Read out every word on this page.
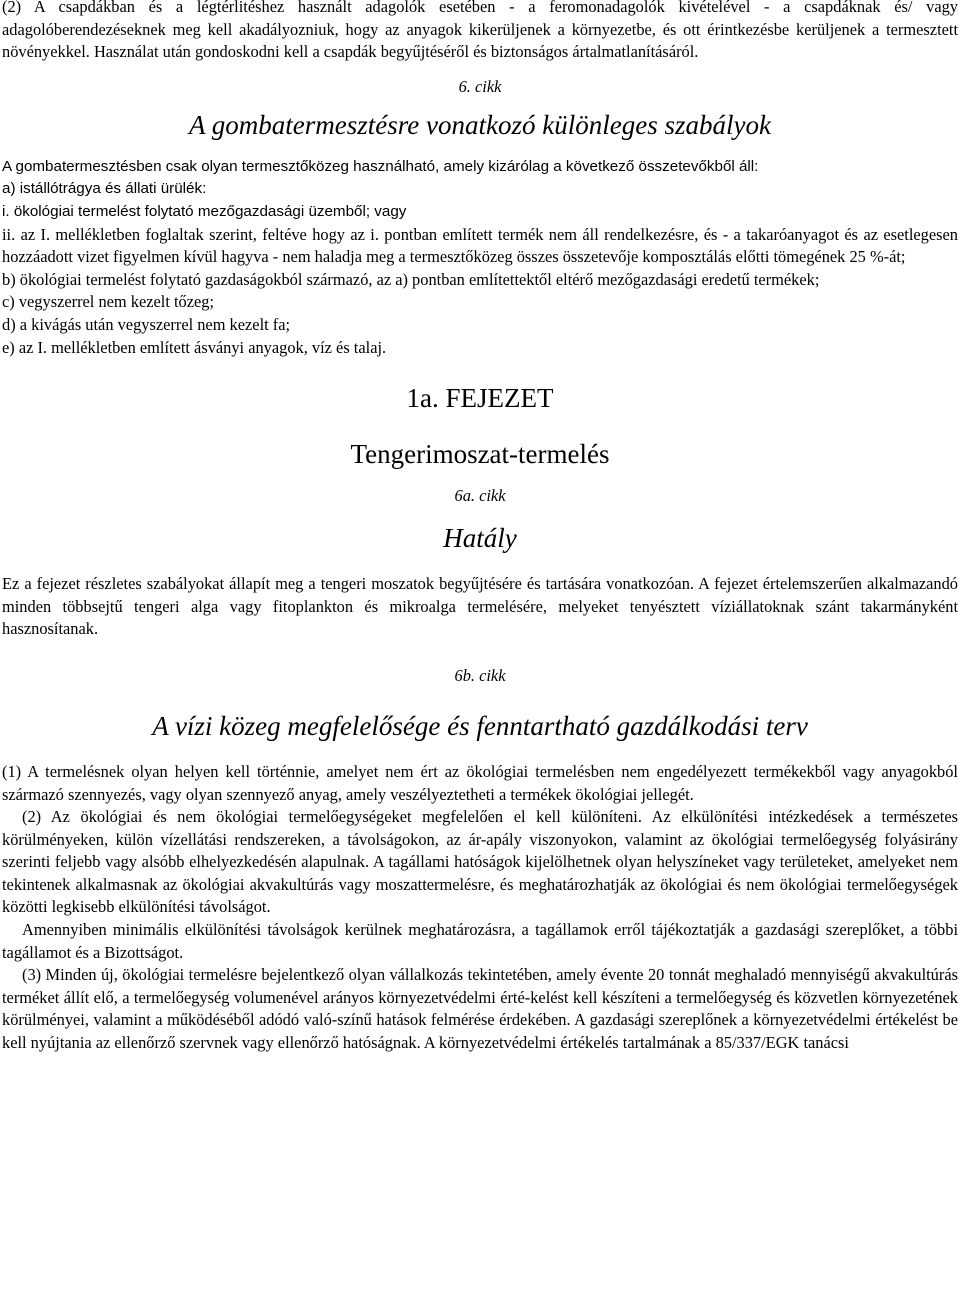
(2) A csapdákban és a légtérlitéshez használt adagolók esetében - a feromonadagolók kivételével - a csapdáknak és/ vagy adagolóberendezéseknek meg kell akadályozniuk, hogy az anyagok kikerüljenek a környezetbe, és ott érintkezésbe kerüljenek a termesztett növényekkel. Használat után gondoskodni kell a csapdák begyűjtéséről és biztonságos ártalmatlanításáról.

6. cikk

A gombatermesztésre vonatkozó különleges szabályok

A gombatermesztésben csak olyan termesztőközeg használható, amely kizárólag a következő összetevőkből áll:

a) istállótrágya és állati ürülék:

i. ökológiai termelést folytató mezőgazdasági üzemből; vagy

ii. az I. mellékletben foglaltak szerint, feltéve hogy az i. pontban említett termék nem áll rendelkezésre, és - a takaróanyagot és az esetlegesen hozzáadott vizet figyelmen kívül hagyva - nem haladja meg a termesztőközeg összes összetevője komposztálás előtti tömegének 25 %-át;

b) ökológiai termelést folytató gazdaságokból származó, az a) pontban említettektől eltérő mezőgazdasági eredetű termékek;

c) vegyszerrel nem kezelt tőzeg;

d) a kivágás után vegyszerrel nem kezelt fa;

e) az I. mellékletben említett ásványi anyagok, víz és talaj.

1a. FEJEZET

Tengerimoszat-termelés

6a. cikk

Hatály

Ez a fejezet részletes szabályokat állapít meg a tengeri moszatok begyűjtésére és tartására vonatkozóan. A fejezet értelemszerűen alkalmazandó minden többsejtű tengeri alga vagy fitoplankton és mikroalga termelésére, melyeket tenyésztett víziállatoknak szánt takarmányként hasznosítanak.

6b. cikk

A vízi közeg megfelelősége és fenntartható gazdálkodási terv

(1) A termelésnek olyan helyen kell történnie, amelyet nem ért az ökológiai termelésben nem engedélyezett termékekből vagy anyagokból származó szennyezés, vagy olyan szennyező anyag, amely veszélyeztetheti a termékek ökológiai jellegét.

(2) Az ökológiai és nem ökológiai termelőegységeket megfelelően el kell különíteni. Az elkülönítési intézkedések a természetes körülményeken, külön vízellátási rendszereken, a távolságokon, az ár-apály viszonyokon, valamint az ökológiai termelőegység folyásirány szerinti feljebb vagy alsóbb elhelyezkedésén alapulnak. A tagállami hatóságok kijelölhetnek olyan helyszíneket vagy területeket, amelyeket nem tekintenek alkalmasnak az ökológiai akvakultúrás vagy moszattermelésre, és meghatározhatják az ökológiai és nem ökológiai termelőegységek közötti legkisebb elkülönítési távolságot.

Amennyiben minimális elkülönítési távolságok kerülnek meghatározásra, a tagállamok erről tájékoztatják a gazdasági szereplőket, a többi tagállamot és a Bizottságot.

(3) Minden új, ökológiai termelésre bejelentkező olyan vállalkozás tekintetében, amely évente 20 tonnát meghaladó mennyiségű akvakultúrás terméket állít elő, a termelőegység volumenével arányos környezetvédelmi érté-kelést kell készíteni a termelőegység és közvetlen környezetének körülményei, valamint a működéséből adódó való-színű hatások felmérése érdekében. A gazdasági szereplőnek a környezetvédelmi értékelést be kell nyújtania az ellenőrző szervnek vagy ellenőrző hatóságnak. A környezetvédelmi értékelés tartalmának a 85/337/EGK tanácsi
